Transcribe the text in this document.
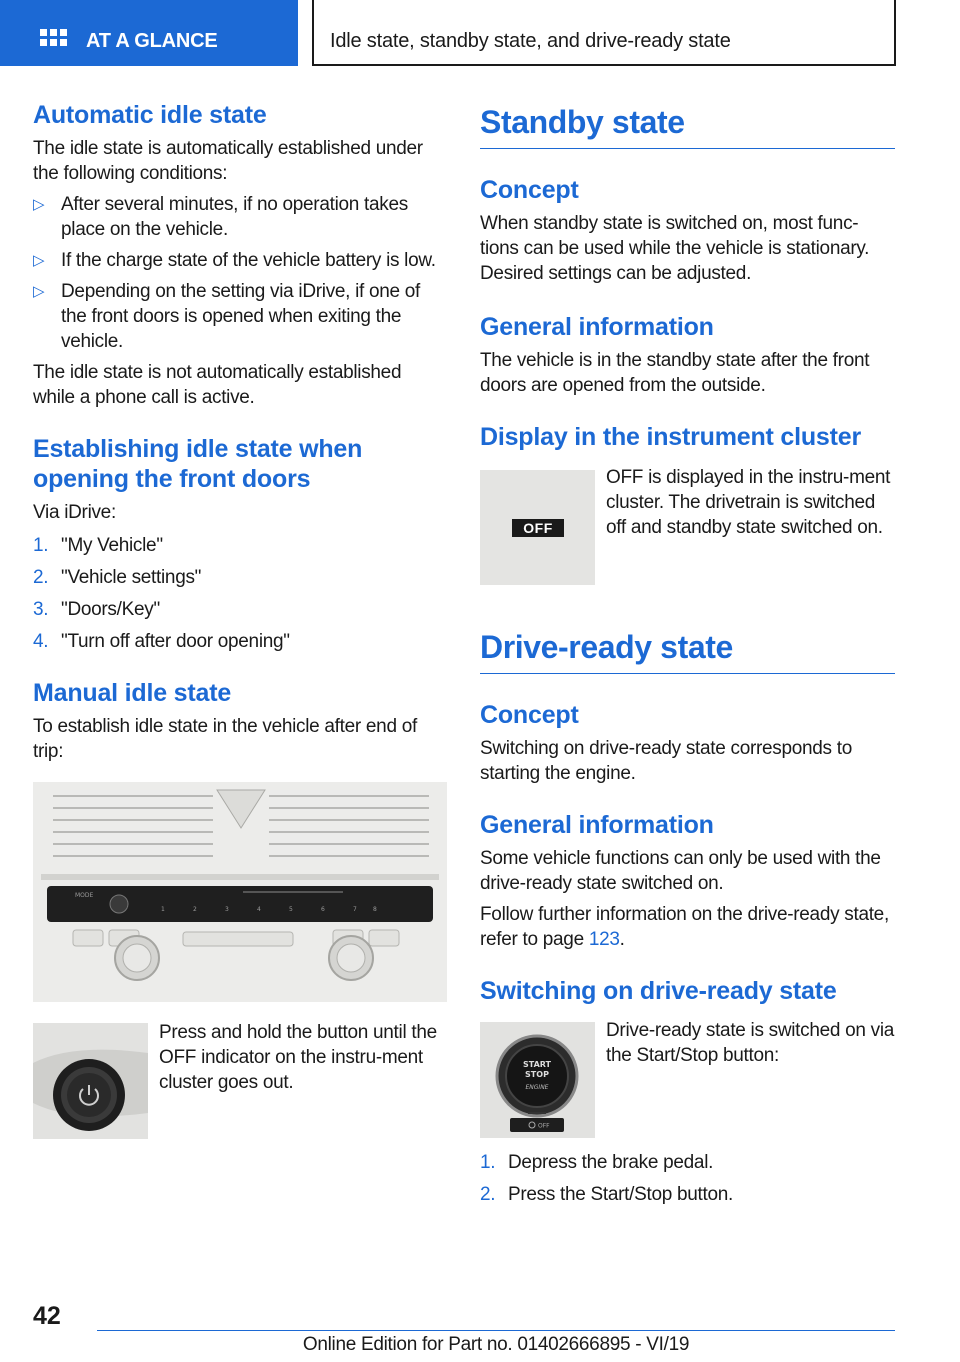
AT A GLANCE	Idle state, standby state, and drive-ready state
Automatic idle state

The idle state is automatically established under the following conditions:

▷ After several minutes, if no operation takes place on the vehicle.
▷ If the charge state of the vehicle battery is low.
▷ Depending on the setting via iDrive, if one of the front doors is opened when exiting the vehicle.

The idle state is not automatically established while a phone call is active.

Establishing idle state when opening the front doors

Via iDrive:

1. "My Vehicle"
2. "Vehicle settings"
3. "Doors/Key"
4. "Turn off after door opening"
Manual idle state

To establish idle state in the vehicle after end of trip:

MODE
1	2	3	4	5	6	7	8

Press and hold the button until the OFF indicator on the instru-ment cluster goes out.

Standby state
Concept

When standby state is switched on, most func-tions can be used while the vehicle is stationary. Desired settings can be adjusted.

General information

The vehicle is in the standby state after the front doors are opened from the outside.

Display in the instrument cluster
OFF

OFF is displayed in the instru-ment cluster. The drivetrain is switched off and standby state switched on.

Drive-ready state
Concept

Switching on drive-ready state corresponds to starting the engine.

General information

Some vehicle functions can only be used with the drive-ready state switched on.

Follow further information on the drive-ready state, refer to page 123.

Switching on drive-ready state
START
STOP
ENGINE
OFF

Drive-ready state is switched on via the Start/Stop button:

1. Depress the brake pedal.
2. Press the Start/Stop button.
42
Online Edition for Part no. 01402666895 - VI/19
